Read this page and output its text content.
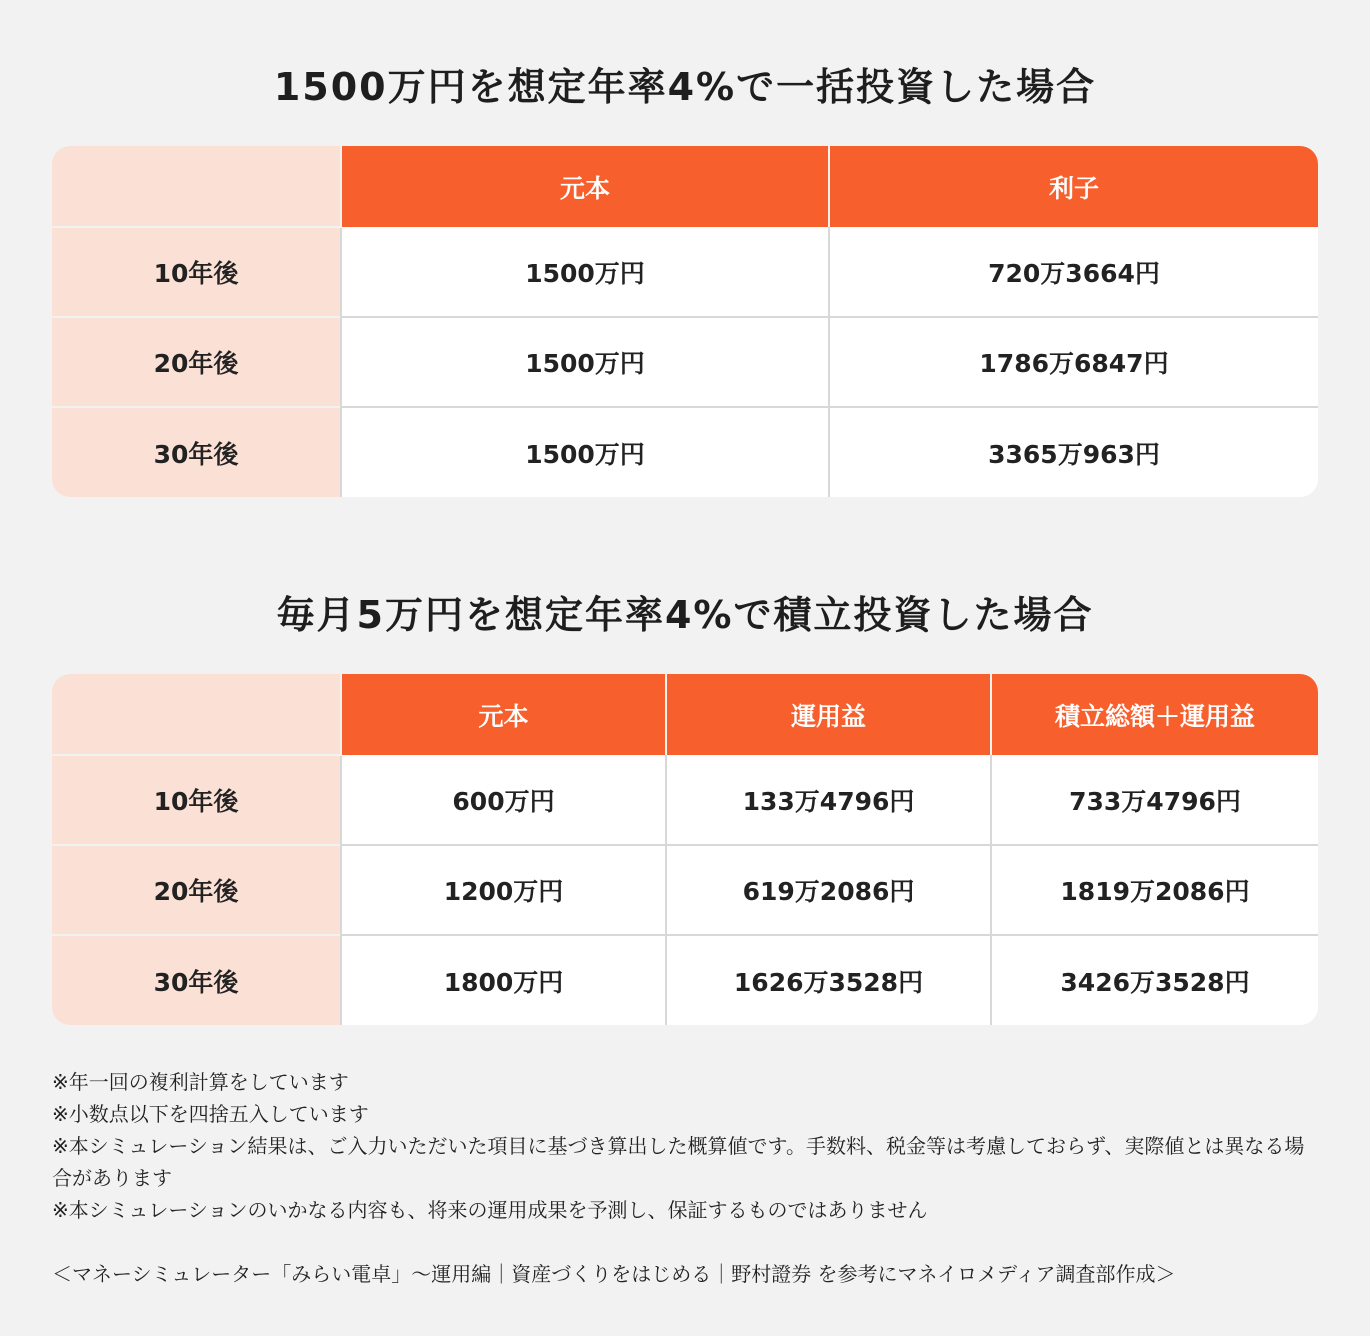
1500万円を想定年率4%で一括投資した場合
	元本	利子
10年後	1500万円	720万3664円
20年後	1500万円	1786万6847円
30年後	1500万円	3365万963円
毎月5万円を想定年率4%で積立投資した場合
	元本	運用益	積立総額＋運用益
10年後	600万円	133万4796円	733万4796円
20年後	1200万円	619万2086円	1819万2086円
30年後	1800万円	1626万3528円	3426万3528円
※年一回の複利計算をしています
※小数点以下を四捨五入しています
※本シミュレーション結果は、ご入力いただいた項目に基づき算出した概算値です。手数料、税金等は考慮しておらず、実際値とは異なる場合があります
※本シミュレーションのいかなる内容も、将来の運用成果を予測し、保証するものではありません
＜マネーシミュレーター「みらい電卓」〜運用編｜資産づくりをはじめる｜野村證券 を参考にマネイロメディア調査部作成＞
